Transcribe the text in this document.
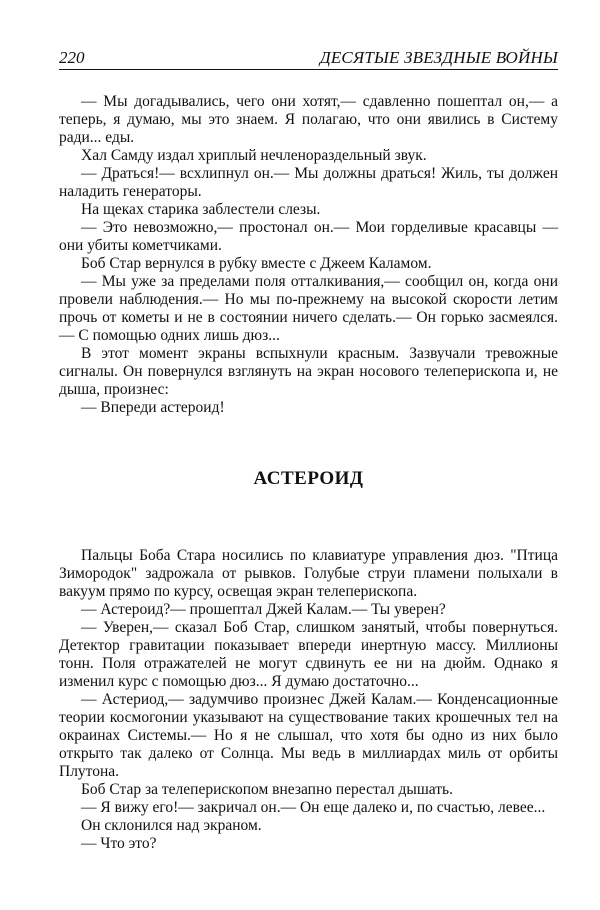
220	ДЕСЯТЫЕ ЗВЕЗДНЫЕ ВОЙНЫ

— Мы догадывались, чего они хотят,— сдавленно пошептал он,— а теперь, я думаю, мы это знаем. Я полагаю, что они явились в Систему ради... еды.

Хал Самду издал хриплый нечленораздельный звук.

— Драться!— всхлипнул он.— Мы должны драться! Жиль, ты должен наладить генераторы.

На щеках старика заблестели слезы.

— Это невозможно,— простонал он.— Мои горделивые красавцы — они убиты кометчиками.

Боб Стар вернулся в рубку вместе с Джеем Каламом.

— Мы уже за пределами поля отталкивания,— сообщил он, когда они провели наблюдения.— Но мы по-прежнему на высокой скорости летим прочь от кометы и не в состоянии ничего сделать.— Он горько засмеялся.— С помощью одних лишь дюз...

В этот момент экраны вспыхнули красным. Зазвучали тревожные сигналы. Он повернулся взглянуть на экран носового телеперископа и, не дыша, произнес:

— Впереди астероид!

АСТЕРОИД

Пальцы Боба Стара носились по клавиатуре управления дюз. "Птица Зимородок" задрожала от рывков. Голубые струи пламени полыхали в вакуум прямо по курсу, освещая экран телеперископа.

— Астероид?— прошептал Джей Калам.— Ты уверен?

— Уверен,— сказал Боб Стар, слишком занятый, чтобы повернуться. Детектор гравитации показывает впереди инертную массу. Миллионы тонн. Поля отражателей не могут сдвинуть ее ни на дюйм. Однако я изменил курс с помощью дюз... Я думаю достаточно...

— Астериод,— задумчиво произнес Джей Калам.— Конденсационные теории космогонии указывают на существование таких крошечных тел на окраинах Системы.— Но я не слышал, что хотя бы одно из них было открыто так далеко от Солнца. Мы ведь в миллиардах миль от орбиты Плутона.

Боб Стар за телеперископом внезапно перестал дышать.

— Я вижу его!— закричал он.— Он еще далеко и, по счастью, левее...

Он склонился над экраном.

— Что это?
